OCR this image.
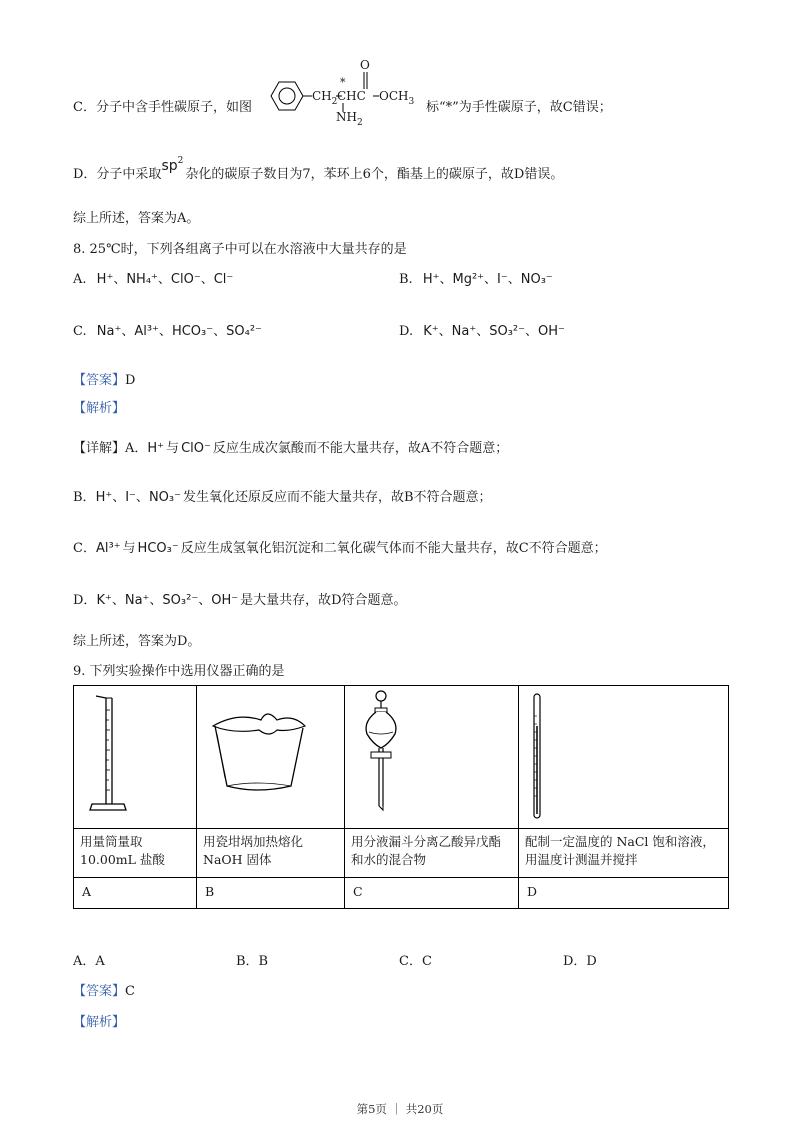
C．分子中含手性碳原子，如图
$CH_2$ CHC
*
O
$OCH_3$
$NH_2$
标“*”为手性碳原子，故C错误；
D．分子中采取$sp^2$杂化的碳原子数目为7，苯环上6个，酯基上的碳原子，故D错误。
综上所述，答案为A。
8. 25℃时，下列各组离子中可以在水溶液中大量共存的是
A. H⁺、NH₄⁺、ClO⁻、Cl⁻	B. H⁺、Mg²⁺、I⁻、NO₃⁻
C. Na⁺、Al³⁺、HCO₃⁻、SO₄²⁻	D. K⁺、Na⁺、SO₃²⁻、OH⁻
【答案】D
【解析】
【详解】A．H⁺ 与 ClO⁻ 反应生成次氯酸而不能大量共存，故A不符合题意；
B．H⁺、I⁻、NO₃⁻ 发生氧化还原反应而不能大量共存，故B不符合题意；
C．Al³⁺ 与 HCO₃⁻ 反应生成氢氧化铝沉淀和二氧化碳气体而不能大量共存，故C不符合题意；
D．K⁺、Na⁺、SO₃²⁻、OH⁻ 是大量共存，故D符合题意。
综上所述，答案为D。
9. 下列实验操作中选用仪器正确的是

用量筒量取10.00mL 盐酸	用瓷坩埚加热熔化NaOH 固体	用分液漏斗分离乙酸异戊酯和水的混合物	配制一定温度的 NaCl 饱和溶液，用温度计测温并搅拌

A	B	C	D
A．A	B．B	C．C	D．D
【答案】C
【解析】
第5页 ｜ 共20页
